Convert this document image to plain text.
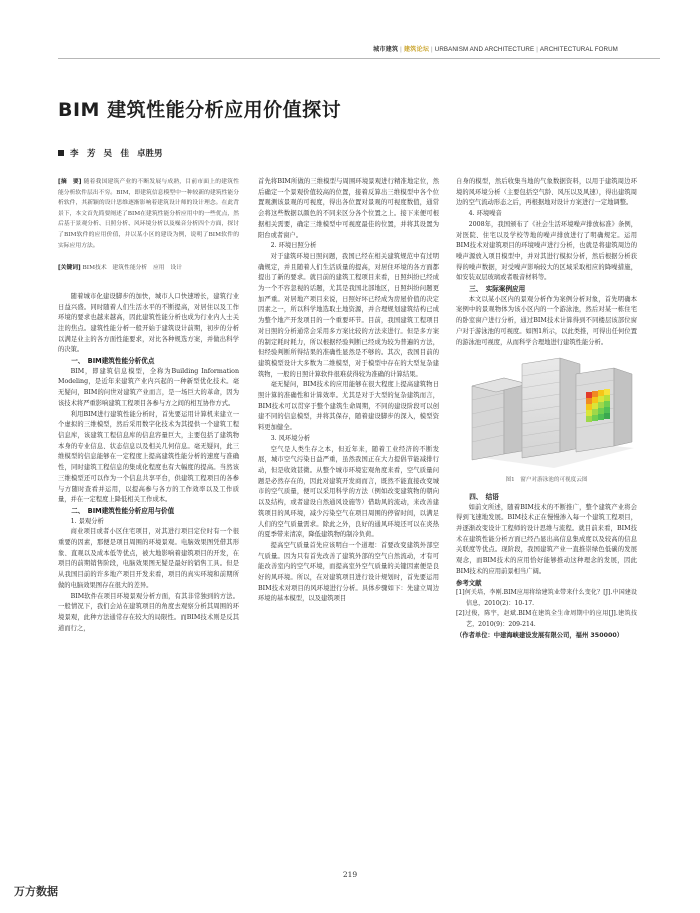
城市建筑 | 建筑论坛 | URBANISM AND ARCHITECTURE | ARCHITECTURAL FORUM
BIM 建筑性能分析应用价值探讨
李　芳 吴　佳 卓胜男

[摘　要] 随着我国建筑产业的不断发展与成熟，目前市面上的建筑性能分析软件层出不穷。BIM，即建筑信息模型中一种较新的建筑性能分析软件，其新颖的设计思维逐渐影响着建筑设计师的设计理念。在此背景下，本文首先简要阐述了BIM在建筑性能分析应用中的一些优点，然后基于景观分析、日照分析、风环境分析以及噪音分析四个方面，探讨了BIM软件的应用价值，并以某小区的建设为例，说明了BIM软件的实际应用方法。

[关键词] BIM技术　建筑性能分析　应用　设计

随着城市化建设脚步的加快，城市人口快速增长，建筑行业日益兴盛。同时随着人们生活水平的不断提高，对居住以及工作环境的要求也越来越高，因此建筑性能分析也成为行业内人士关注的焦点。建筑性能分析一般开始于建筑设计前期，初步的分析以满足业主的各方面性能要求，对比各种规选方案，并做出科学的决策。

一、　BIM建筑性能分析优点

BIM，即建筑信息模型，全称为Building Information Modeling，是近年来建筑产业内兴起的一种新型优化技术。毫无疑问，BIM的问世对建筑产业而言，是一场巨大的革命，因为该技术将严重影响建筑工程项目各参与方之间的相互协作方式。

利用BIM进行建筑性能分析时，首先要运用计算机来建立一个虚拟的三维模型，然后采用数字化技术为其提供一个建筑工程信息库，该建筑工程信息库的信息容量巨大，主要包括了建筑物本身的专业信息、状态信息以及相关几何信息。毫无疑问，此三维模型的信息能够在一定程度上提高建筑性能分析的速度与准确性，同时建筑工程信息的集成化程度也有大幅度的提高。当然该三维模型还可以作为一个信息共享平台，供建筑工程项目的各参与方随时查看并运用，以提高参与各方的工作效率以及工作质量，并在一定程度上降低相关工作成本。

二、　BIM建筑性能分析应用与价值

1. 景观分析

商业项目或者小区住宅项目，对其进行项目定位时有一个很重要的因素，那便是项目周围的环境景观。电脑效果图凭借其形象、直观以及成本低等优点，被大地影响着建筑项目的开发，在项目的前期销售阶段，电脑效果图无疑是最好的销售工具。但是从我国目前的许多地产项目开发来看，项目的真实环境和前期所做的电脑效果图存在很大的差异。

BIM软件在项目环境景观分析方面，有其非常独到的方法。一般情况下，我们会站在建筑项目的角度去观察分析其周围的环境景观，此种方法通常存在较大的局限性。而BIM技术则是反其道而行之，

首先将BIM所做的三维模型与周围环境景观进行精准地定位，然后确定一个景观价值较高的位置，接着反算出三维模型中各个位置观测该景观的可视度，得出各位置对景观的可视度数值，通常会将这些数据以颜色的不同来区分各个位置之上。接下来便可根据相关需要，确定三维模型中可视度最佳的位置，并将其设置为阳台或者窗户。

2. 环境日照分析

对于建筑环境日照问题，我国已经在相关建筑规范中有过明确规定，并且随着人们生活质量的提高，对居住环境的各方面都提出了新的要求。就目前的建筑工程项目来看，日照纠纷已经成为一个不容忽视的话题，尤其是我国北部地区，日照纠纷问题更加严重。对居地产项目来说，日照好坏已经成为房屋价值的决定因素之一，所以科学地选取土地资源，并合理规划建筑结构已成为整个地产开发项目的一个重要环节。目前，我国建筑工程项目对日照的分析通常会采用多方案比较的方法来进行。但是多方案的制定耗时耗力，所以根据经验判断已经成为较为普遍的方法，但经验判断所得结果的准确性显然是不够的。其次，我国目前的建筑模型设计大多数为二维模型，对于模型中存在的大型复杂建筑物，一般的日照计算软件很难获得较为准确的计算结果。

毫无疑问，BIM技术的应用能够在很大程度上提高建筑物日照计算的准确性和计算效率。尤其是对于大型的复杂建筑而言，BIM技术可以贯穿于整个建筑生命周期，不同的建设阶段可以创建不同的信息模型，并将其保存，随着建设脚步的深入，模型资料更加健全。

3. 风环境分析

空气是人类生存之本，但近年来，随着工业经济的不断发展，城市空气污染日益严重，虽然我国正在大力提倡节能减排行动，但是收效甚微。从整个城市环境宏观角度来看，空气质量问题是必然存在的，因此对建筑开发商而言，既然不能直接改变城市的空气质量，便可以采用科学的方法（例如改变建筑物的朝向以及结构，或者建设自然通风设施等）借助风的流动，来改善建筑项目的风环境，减少污染空气在项目周围的停留时间，以满足人们的空气质量需求。除此之外，良好的通风环境还可以在炎热的夏季带来清凉，降低建筑物的制冷负荷。

提高空气质量首先应该明白一个道理：首要改变建筑外部空气质量。因为只有首先改善了建筑外部的空气自然流动，才有可能改善室内的空气环境，而提高室外空气质量的关键因素便是良好的风环境。所以，在对建筑项目进行设计规划时，首先要运用BIM技术对项目的风环境进行分析。具体步骤如下：先建立周边环境的基本模型，以及建筑项目

自身的模型，然后收集当地的气象数据资料，以用于建筑周边环境的风环境分析（主要包括空气龄、风压以及风速），得出建筑周边的空气流动形态之后，再根据地对设计方案进行一定地调整。

4. 环境噪音

2008年，我国颁布了《社会生活环境噪声排放标准》条例，对医院、住宅以及学校等地的噪声排放进行了明确规定。运用BIM技术对建筑项目的环境噪声进行分析，也就是将建筑周边的噪声源放入项目模型中，并对其进行模拟分析，然后根据分析获得的噪声数据，对受噪声影响较大的区域采取相应的降噪措施，如安装双层玻璃或者吸音材料等。

三、　实际案例应用

本文以某小区内的景观分析作为案例分析对象，首先明确本案例中的景观物体为该小区内的一个游泳池，然后对某一栋住宅的卧室窗户进行分析，通过BIM技术计算得到不同楼层该部位窗户对于游泳池的可视度。如图1所示，以此类推，可得出任何位置的游泳池可视度，从而科学合理地进行建筑性能分析。

图1　窗户对游泳池的可视度云图

四、　结语

如前文所述，随着BIM技术的不断推广，整个建筑产业将会得到飞速地发展。BIM技术正在慢慢渗入每一个建筑工程项目，并逐渐改变设计工程师的设计思维与流程。就目前来看，BIM技术在建筑性能分析方面已经凸显出高信息集成度以及较高的信息关联度等优点。现阶段，我国建筑产业一直推崇绿色低碳的发展观念，而BIM技术的应用恰好能够推动这种理念的发展，因此BIM技术的应用前景相当广阔。

参考文献

[1]何关培，李刚.BIM应用将给建筑业带来什么变化？[J].中国建设信息，2010(2)：10-17.

[2]过俊，陈宇，赵斌.BIM在建筑全生命周期中的应用[J].建筑技艺，2010(9)：209-214.

（作者单位：中建海峡建设发展有限公司，福州 350000）

219
万方数据
